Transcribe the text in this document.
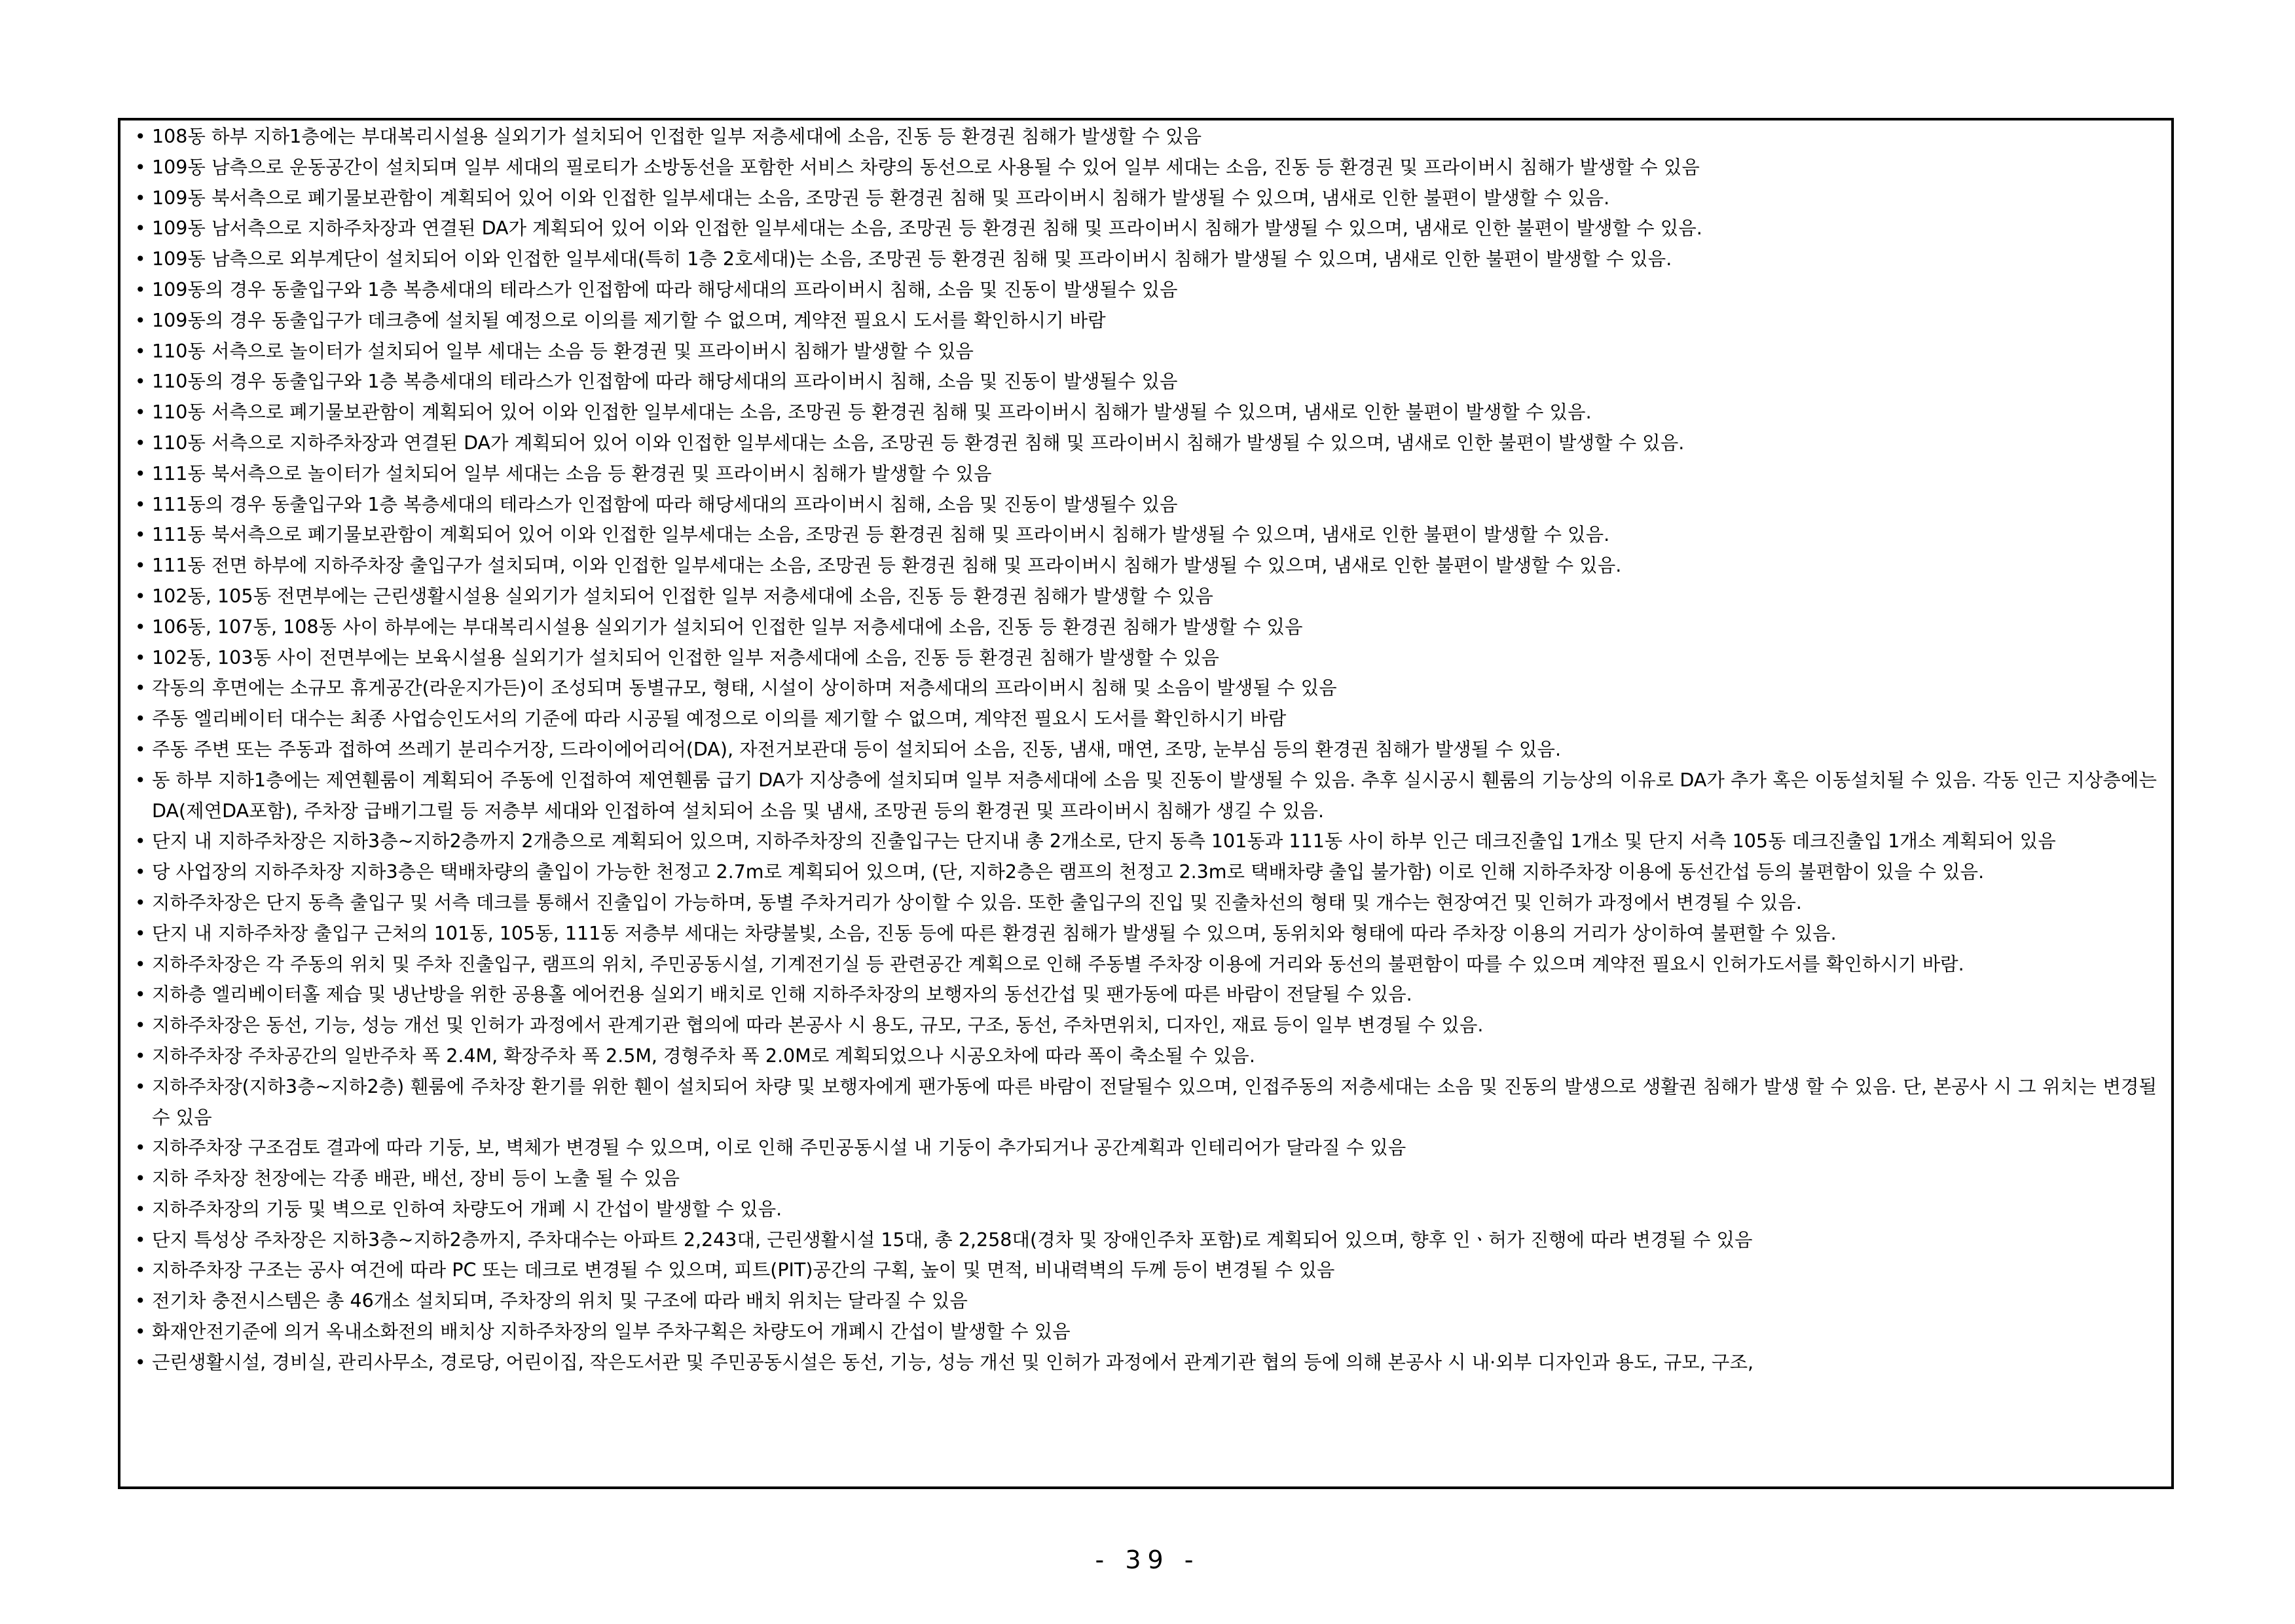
• 108동 하부 지하1층에는 부대복리시설용 실외기가 설치되어 인접한 일부 저층세대에 소음, 진동 등 환경권 침해가 발생할 수 있음
• 109동 남측으로 운동공간이 설치되며 일부 세대의 필로티가 소방동선을 포함한 서비스 차량의 동선으로 사용될 수 있어 일부 세대는 소음, 진동 등 환경권 및 프라이버시 침해가 발생할 수 있음
• 109동 북서측으로 폐기물보관함이 계획되어 있어 이와 인접한 일부세대는 소음, 조망권 등 환경권 침해 및 프라이버시 침해가 발생될 수 있으며, 냄새로 인한 불편이 발생할 수 있음.
• 109동 남서측으로 지하주차장과 연결된 DA가 계획되어 있어 이와 인접한 일부세대는 소음, 조망권 등 환경권 침해 및 프라이버시 침해가 발생될 수 있으며, 냄새로 인한 불편이 발생할 수 있음.
• 109동 남측으로 외부계단이 설치되어 이와 인접한 일부세대(특히 1층 2호세대)는 소음, 조망권 등 환경권 침해 및 프라이버시 침해가 발생될 수 있으며, 냄새로 인한 불편이 발생할 수 있음.
• 109동의 경우 동출입구와 1층 복층세대의 테라스가 인접함에 따라 해당세대의 프라이버시 침해, 소음 및 진동이 발생될수 있음
• 109동의 경우 동출입구가 데크층에 설치될 예정으로 이의를 제기할 수 없으며, 계약전 필요시 도서를 확인하시기 바람
• 110동 서측으로 놀이터가 설치되어 일부 세대는 소음 등 환경권 및 프라이버시 침해가 발생할 수 있음
• 110동의 경우 동출입구와 1층 복층세대의 테라스가 인접함에 따라 해당세대의 프라이버시 침해, 소음 및 진동이 발생될수 있음
• 110동 서측으로 폐기물보관함이 계획되어 있어 이와 인접한 일부세대는 소음, 조망권 등 환경권 침해 및 프라이버시 침해가 발생될 수 있으며, 냄새로 인한 불편이 발생할 수 있음.
• 110동 서측으로 지하주차장과 연결된 DA가 계획되어 있어 이와 인접한 일부세대는 소음, 조망권 등 환경권 침해 및 프라이버시 침해가 발생될 수 있으며, 냄새로 인한 불편이 발생할 수 있음.
• 111동 북서측으로 놀이터가 설치되어 일부 세대는 소음 등 환경권 및 프라이버시 침해가 발생할 수 있음
• 111동의 경우 동출입구와 1층 복층세대의 테라스가 인접함에 따라 해당세대의 프라이버시 침해, 소음 및 진동이 발생될수 있음
• 111동 북서측으로 폐기물보관함이 계획되어 있어 이와 인접한 일부세대는 소음, 조망권 등 환경권 침해 및 프라이버시 침해가 발생될 수 있으며, 냄새로 인한 불편이 발생할 수 있음.
• 111동 전면 하부에 지하주차장 출입구가 설치되며, 이와 인접한 일부세대는 소음, 조망권 등 환경권 침해 및 프라이버시 침해가 발생될 수 있으며, 냄새로 인한 불편이 발생할 수 있음.
• 102동, 105동 전면부에는 근린생활시설용 실외기가 설치되어 인접한 일부 저층세대에 소음, 진동 등 환경권 침해가 발생할 수 있음
• 106동, 107동, 108동 사이 하부에는 부대복리시설용 실외기가 설치되어 인접한 일부 저층세대에 소음, 진동 등 환경권 침해가 발생할 수 있음
• 102동, 103동 사이 전면부에는 보육시설용 실외기가 설치되어 인접한 일부 저층세대에 소음, 진동 등 환경권 침해가 발생할 수 있음
• 각동의 후면에는 소규모 휴게공간(라운지가든)이 조성되며 동별규모, 형태, 시설이 상이하며 저층세대의 프라이버시 침해 및 소음이 발생될 수 있음
• 주동 엘리베이터 대수는 최종 사업승인도서의 기준에 따라 시공될 예정으로 이의를 제기할 수 없으며, 계약전 필요시 도서를 확인하시기 바람
• 주동 주변 또는 주동과 접하여 쓰레기 분리수거장, 드라이에어리어(DA), 자전거보관대 등이 설치되어 소음, 진동, 냄새, 매연, 조망, 눈부심 등의 환경권 침해가 발생될 수 있음.
• 동 하부 지하1층에는 제연휀룸이 계획되어 주동에 인접하여 제연휀룸 급기 DA가 지상층에 설치되며 일부 저층세대에 소음 및 진동이 발생될 수 있음. 추후 실시공시 휀룸의 기능상의 이유로 DA가 추가 혹은 이동설치될 수 있음. 각동 인근 지상층에는 DA(제연DA포함), 주차장 급배기그릴 등 저층부 세대와 인접하여 설치되어 소음 및 냄새, 조망권 등의 환경권 및 프라이버시 침해가 생길 수 있음.
• 단지 내 지하주차장은 지하3층~지하2층까지 2개층으로 계획되어 있으며, 지하주차장의 진출입구는 단지내 총 2개소로, 단지 동측 101동과 111동 사이 하부 인근 데크진출입 1개소 및 단지 서측 105동 데크진출입 1개소 계획되어 있음
• 당 사업장의 지하주차장 지하3층은 택배차량의 출입이 가능한 천정고 2.7m로 계획되어 있으며, (단, 지하2층은 램프의 천정고 2.3m로 택배차량 출입 불가함) 이로 인해 지하주차장 이용에 동선간섭 등의 불편함이 있을 수 있음.
• 지하주차장은 단지 동측 출입구 및 서측 데크를 통해서 진출입이 가능하며, 동별 주차거리가 상이할 수 있음. 또한 출입구의 진입 및 진출차선의 형태 및 개수는 현장여건 및 인허가 과정에서 변경될 수 있음.
• 단지 내 지하주차장 출입구 근처의 101동, 105동, 111동 저층부 세대는 차량불빛, 소음, 진동 등에 따른 환경권 침해가 발생될 수 있으며, 동위치와 형태에 따라 주차장 이용의 거리가 상이하여 불편할 수 있음.
• 지하주차장은 각 주동의 위치 및 주차 진출입구, 램프의 위치, 주민공동시설, 기계전기실 등 관련공간 계획으로 인해 주동별 주차장 이용에 거리와 동선의 불편함이 따를 수 있으며 계약전 필요시 인허가도서를 확인하시기 바람.
• 지하층 엘리베이터홀 제습 및 냉난방을 위한 공용홀 에어컨용 실외기 배치로 인해 지하주차장의 보행자의 동선간섭 및 팬가동에 따른 바람이 전달될 수 있음.
• 지하주차장은 동선, 기능, 성능 개선 및 인허가 과정에서 관계기관 협의에 따라 본공사 시 용도, 규모, 구조, 동선, 주차면위치, 디자인, 재료 등이 일부 변경될 수 있음.
• 지하주차장 주차공간의 일반주차 폭 2.4M, 확장주차 폭 2.5M, 경형주차 폭 2.0M로 계획되었으나 시공오차에 따라 폭이 축소될 수 있음.
• 지하주차장(지하3층~지하2층) 휀룸에 주차장 환기를 위한 휀이 설치되어 차량 및 보행자에게 팬가동에 따른 바람이 전달될수 있으며, 인접주동의 저층세대는 소음 및 진동의 발생으로 생활권 침해가 발생 할 수 있음. 단, 본공사 시 그 위치는 변경될 수 있음
• 지하주차장 구조검토 결과에 따라 기둥, 보, 벽체가 변경될 수 있으며, 이로 인해 주민공동시설 내 기둥이 추가되거나 공간계획과 인테리어가 달라질 수 있음
• 지하 주차장 천장에는 각종 배관, 배선, 장비 등이 노출 될 수 있음
• 지하주차장의 기둥 및 벽으로 인하여 차량도어 개폐 시 간섭이 발생할 수 있음.
• 단지 특성상 주차장은 지하3층~지하2층까지, 주차대수는 아파트 2,243대, 근린생활시설 15대, 총 2,258대(경차 및 장애인주차 포함)로 계획되어 있으며, 향후 인ㆍ허가 진행에 따라 변경될 수 있음
• 지하주차장 구조는 공사 여건에 따라 PC 또는 데크로 변경될 수 있으며, 피트(PIT)공간의 구획, 높이 및 면적, 비내력벽의 두께 등이 변경될 수 있음
• 전기차 충전시스템은 총 46개소 설치되며, 주차장의 위치 및 구조에 따라 배치 위치는 달라질 수 있음
• 화재안전기준에 의거 옥내소화전의 배치상 지하주차장의 일부 주차구획은 차량도어 개폐시 간섭이 발생할 수 있음
• 근린생활시설, 경비실, 관리사무소, 경로당, 어린이집, 작은도서관 및 주민공동시설은 동선, 기능, 성능 개선 및 인허가 과정에서 관계기관 협의 등에 의해 본공사 시 내·외부 디자인과 용도, 규모, 구조,
- 39 -
